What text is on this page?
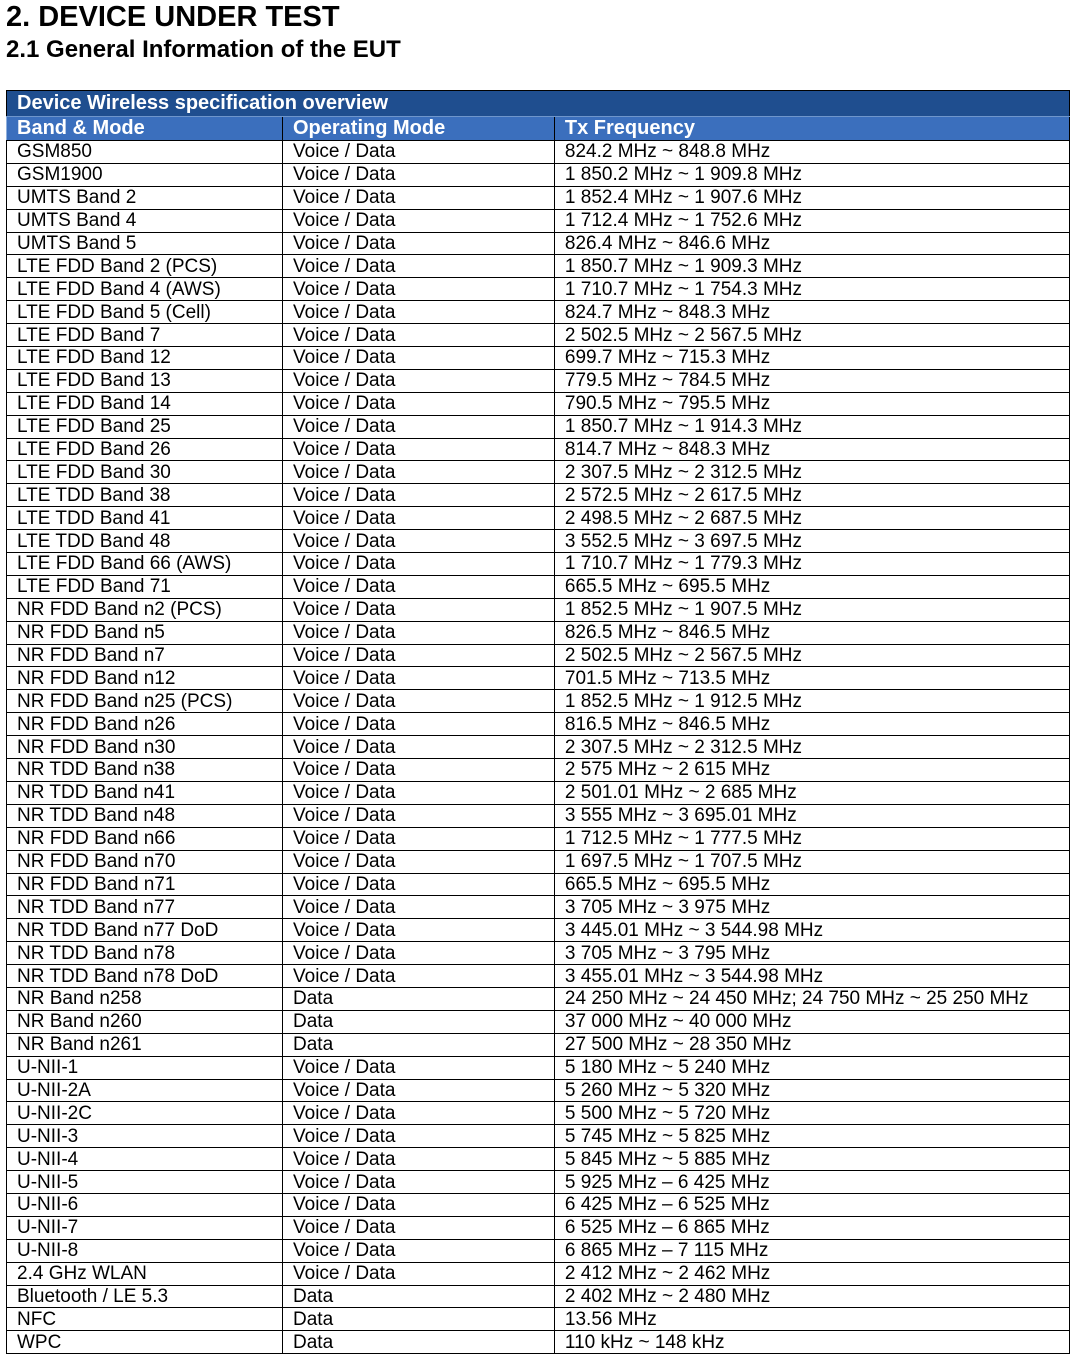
2. DEVICE UNDER TEST
2.1 General Information of the EUT
Device Wireless specification overview		
Band & Mode	Operating Mode	Tx Frequency
GSM850	Voice / Data	824.2 MHz ~ 848.8 MHz
GSM1900	Voice / Data	1 850.2 MHz ~ 1 909.8 MHz
UMTS Band 2	Voice / Data	1 852.4 MHz ~ 1 907.6 MHz
UMTS Band 4	Voice / Data	1 712.4 MHz ~ 1 752.6 MHz
UMTS Band 5	Voice / Data	826.4 MHz ~ 846.6 MHz
LTE FDD Band 2 (PCS)	Voice / Data	1 850.7 MHz ~ 1 909.3 MHz
LTE FDD Band 4 (AWS)	Voice / Data	1 710.7 MHz ~ 1 754.3 MHz
LTE FDD Band 5 (Cell)	Voice / Data	824.7 MHz ~ 848.3 MHz
LTE FDD Band 7	Voice / Data	2 502.5 MHz ~ 2 567.5 MHz
LTE FDD Band 12	Voice / Data	699.7 MHz ~ 715.3 MHz
LTE FDD Band 13	Voice / Data	779.5 MHz ~ 784.5 MHz
LTE FDD Band 14	Voice / Data	790.5 MHz ~ 795.5 MHz
LTE FDD Band 25	Voice / Data	1 850.7 MHz ~ 1 914.3 MHz
LTE FDD Band 26	Voice / Data	814.7 MHz ~ 848.3 MHz
LTE FDD Band 30	Voice / Data	2 307.5 MHz ~ 2 312.5 MHz
LTE TDD Band 38	Voice / Data	2 572.5 MHz ~ 2 617.5 MHz
LTE TDD Band 41	Voice / Data	2 498.5 MHz ~ 2 687.5 MHz
LTE TDD Band 48	Voice / Data	3 552.5 MHz ~ 3 697.5 MHz
LTE FDD Band 66 (AWS)	Voice / Data	1 710.7 MHz ~ 1 779.3 MHz
LTE FDD Band 71	Voice / Data	665.5 MHz ~ 695.5 MHz
NR FDD Band n2 (PCS)	Voice / Data	1 852.5 MHz ~ 1 907.5 MHz
NR FDD Band n5	Voice / Data	826.5 MHz ~ 846.5 MHz
NR FDD Band n7	Voice / Data	2 502.5 MHz ~ 2 567.5 MHz
NR FDD Band n12	Voice / Data	701.5 MHz ~ 713.5 MHz
NR FDD Band n25 (PCS)	Voice / Data	1 852.5 MHz ~ 1 912.5 MHz
NR FDD Band n26	Voice / Data	816.5 MHz ~ 846.5 MHz
NR FDD Band n30	Voice / Data	2 307.5 MHz ~ 2 312.5 MHz
NR TDD Band n38	Voice / Data	2 575 MHz ~ 2 615 MHz
NR TDD Band n41	Voice / Data	2 501.01 MHz ~ 2 685 MHz
NR TDD Band n48	Voice / Data	3 555 MHz ~ 3 695.01 MHz
NR FDD Band n66	Voice / Data	1 712.5 MHz ~ 1 777.5 MHz
NR FDD Band n70	Voice / Data	1 697.5 MHz ~ 1 707.5 MHz
NR FDD Band n71	Voice / Data	665.5 MHz ~ 695.5 MHz
NR TDD Band n77	Voice / Data	3 705 MHz ~ 3 975 MHz
NR TDD Band n77 DoD	Voice / Data	3 445.01 MHz ~ 3 544.98 MHz
NR TDD Band n78	Voice / Data	3 705 MHz ~ 3 795 MHz
NR TDD Band n78 DoD	Voice / Data	3 455.01 MHz ~ 3 544.98 MHz
NR Band n258	Data	24 250 MHz ~ 24 450 MHz; 24 750 MHz ~ 25 250 MHz
NR Band n260	Data	37 000 MHz ~ 40 000 MHz
NR Band n261	Data	27 500 MHz ~ 28 350 MHz
U-NII-1	Voice / Data	5 180 MHz ~ 5 240 MHz
U-NII-2A	Voice / Data	5 260 MHz ~ 5 320 MHz
U-NII-2C	Voice / Data	5 500 MHz ~ 5 720 MHz
U-NII-3	Voice / Data	5 745 MHz ~ 5 825 MHz
U-NII-4	Voice / Data	5 845 MHz ~ 5 885 MHz
U-NII-5	Voice / Data	5 925 MHz – 6 425 MHz
U-NII-6	Voice / Data	6 425 MHz – 6 525 MHz
U-NII-7	Voice / Data	6 525 MHz – 6 865 MHz
U-NII-8	Voice / Data	6 865 MHz – 7 115 MHz
2.4 GHz WLAN	Voice / Data	2 412 MHz ~ 2 462 MHz
Bluetooth / LE 5.3	Data	2 402 MHz ~ 2 480 MHz
NFC	Data	13.56 MHz
WPC	Data	110 kHz ~ 148 kHz
